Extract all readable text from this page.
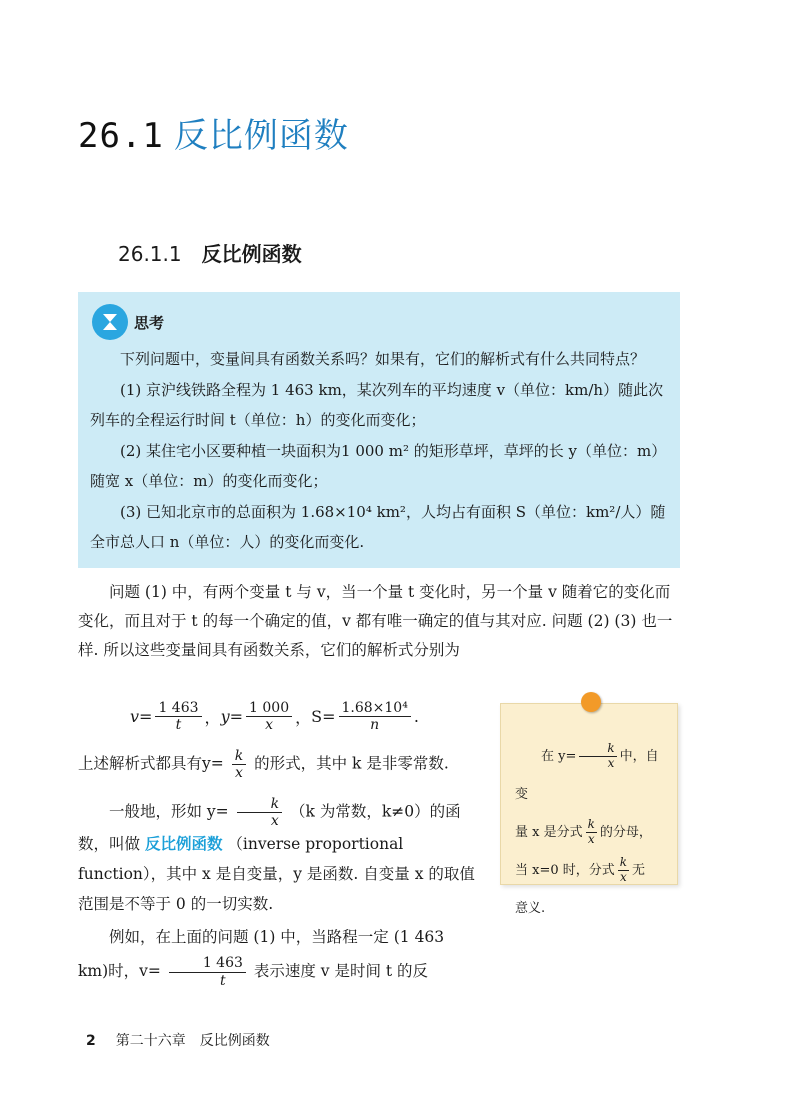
26.1 反比例函数
26.1.1 反比例函数
思考

下列问题中，变量间具有函数关系吗？如果有，它们的解析式有什么共同特点？

(1) 京沪线铁路全程为 1 463 km，某次列车的平均速度 v（单位：km/h）随此次列车的全程运行时间 t（单位：h）的变化而变化；

(2) 某住宅小区要种植一块面积为1 000 m² 的矩形草坪，草坪的长 y（单位：m）随宽 x（单位：m）的变化而变化；

(3) 已知北京市的总面积为 1.68×10⁴ km²，人均占有面积 S（单位：km²/人）随全市总人口 n（单位：人）的变化而变化.

问题 (1) 中，有两个变量 t 与 v，当一个量 t 变化时，另一个量 v 随着它的变化而变化，而且对于 t 的每一个确定的值，v 都有唯一确定的值与其对应. 问题 (2) (3) 也一样. 所以这些变量间具有函数关系，它们的解析式分别为

$v= \frac{1 463}{t}$ ， $y= \frac{1 000}{x}$ ， $S= \frac{\text{1.68×10⁴}}{n}$ .

上述解析式都具有$y= \frac{k}{x}$ 的形式，其中 k 是非零常数.

一般地，形如 $y= \frac{k}{x} (k$ 为常数，k≠0）的函数，叫做 反比例函数 （inverse proportional function），其中 x 是自变量，y 是函数. 自变量 x 的取值范围是不等于 0 的一切实数.

例如，在上面的问题 (1) 中，当路程一定 (1 463 km)时，$v= \frac{1 463}{t}$ 表示速度 v 是时间 t 的反

在 $y= \frac{k}{x}$ 中，自变

量 x 是分式 $\frac{k}{x}$ 的分母，

当 x=0 时，分式 $\frac{k}{x}$ 无

意义.

2 第二十六章　反比例函数
